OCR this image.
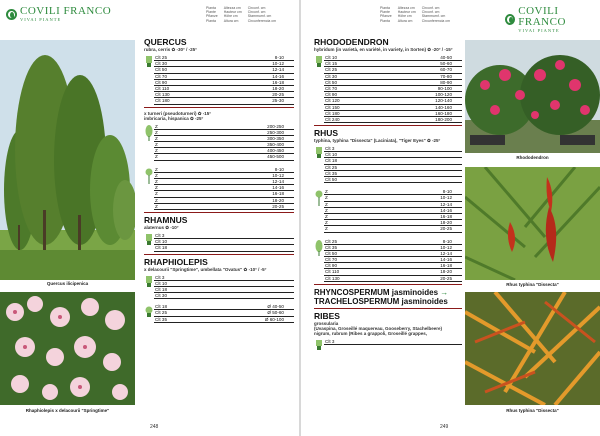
COVILI FRANCO
VIVAI PIANTE
Pianta
Plante
Pflanze
Planta
Altezza cm
Hauteur cm
Höhe cm
Altura cm
Circonf. cm
Circonf. cm
Stammumf. cm
Circunferencia cm
Quercus ilicipenica
Rhaphiolepis x delacourii "Springtime"
QUERCUS
rubra, cerris ✿ -30° / -25°
Clt 25	8-10
Clt 30	10-12
Clt 50	12-14
Clt 70	14-16
Clt 90	16-18
Clt 110	18-20
Clt 130	20-25
Clt 180	25-30
x turneri (pseudoturneri) ✿ -15°
imbricaria, hispanica ✿ -25°
Z	200-250
Z	250-300
Z	300-350
Z	350-400
Z	400-450
Z	450-500
Z	8-10
Z	10-12
Z	12-14
Z	14-16
Z	16-18
Z	18-20
Z	20-25
RHAMNUS
alaternus ✿ -10°
Clt 3
Clt 10
Clt 18
RHAPHIOLEPIS
x delacourii "Springtime", umbellata "Ovatus" ✿ -10° / -5°
Clt 3
Clt 10
Clt 18
Clt 30
Clt 18	Ø 40-50
Clt 25	Ø 50-60
Clt 35	Ø 60-100
248
Pianta
Plante
Pflanze
Planta
Altezza cm
Hauteur cm
Höhe cm
Altura cm
Circonf. cm
Circonf. cm
Stammumf. cm
Circunferencia cm
COVILI FRANCO
VIVAI PIANTE
Rhododendron
Rhus typhina "Dissecta"
Rhus typhina "Dissecta"
RHODODENDRON
hybridum (in varietà, en variété, in variety, in Sorten) ✿ -20° / -15°
Clt 10	40-50
Clt 15	50-60
Clt 25	60-70
Clt 30	70-80
Clt 50	80-90
Clt 70	90-100
Clt 90	100-120
Clt 120	120-140
Clt 150	140-160
Clt 180	160-180
Clt 240	180-200
RHUS
typhina, typhina "Dissecta" (Laciniata), "Tiger Eyes" ✿ -25°
Clt 3
Clt 10
Clt 18
Clt 25
Clt 35
Clt 50
Z	8-10
Z	10-12
Z	12-14
Z	14-16
Z	16-18
Z	18-20
Z	20-25
Clt 25	8-10
Clt 35	10-12
Clt 50	12-14
Clt 70	14-16
Clt 90	16-18
Clt 110	18-20
Clt 130	20-25
RHYNCOSPERMUM jasminoides →
TRACHELOSPERMUM jasminoides
RIBES
grossularia
(Uvaspina, Groseillé maquereau, Gooseberry, Stachelbeere)
nigrum, rubrum (Ribes a grappoli, Groseillé grappes,
Clt 3
249
